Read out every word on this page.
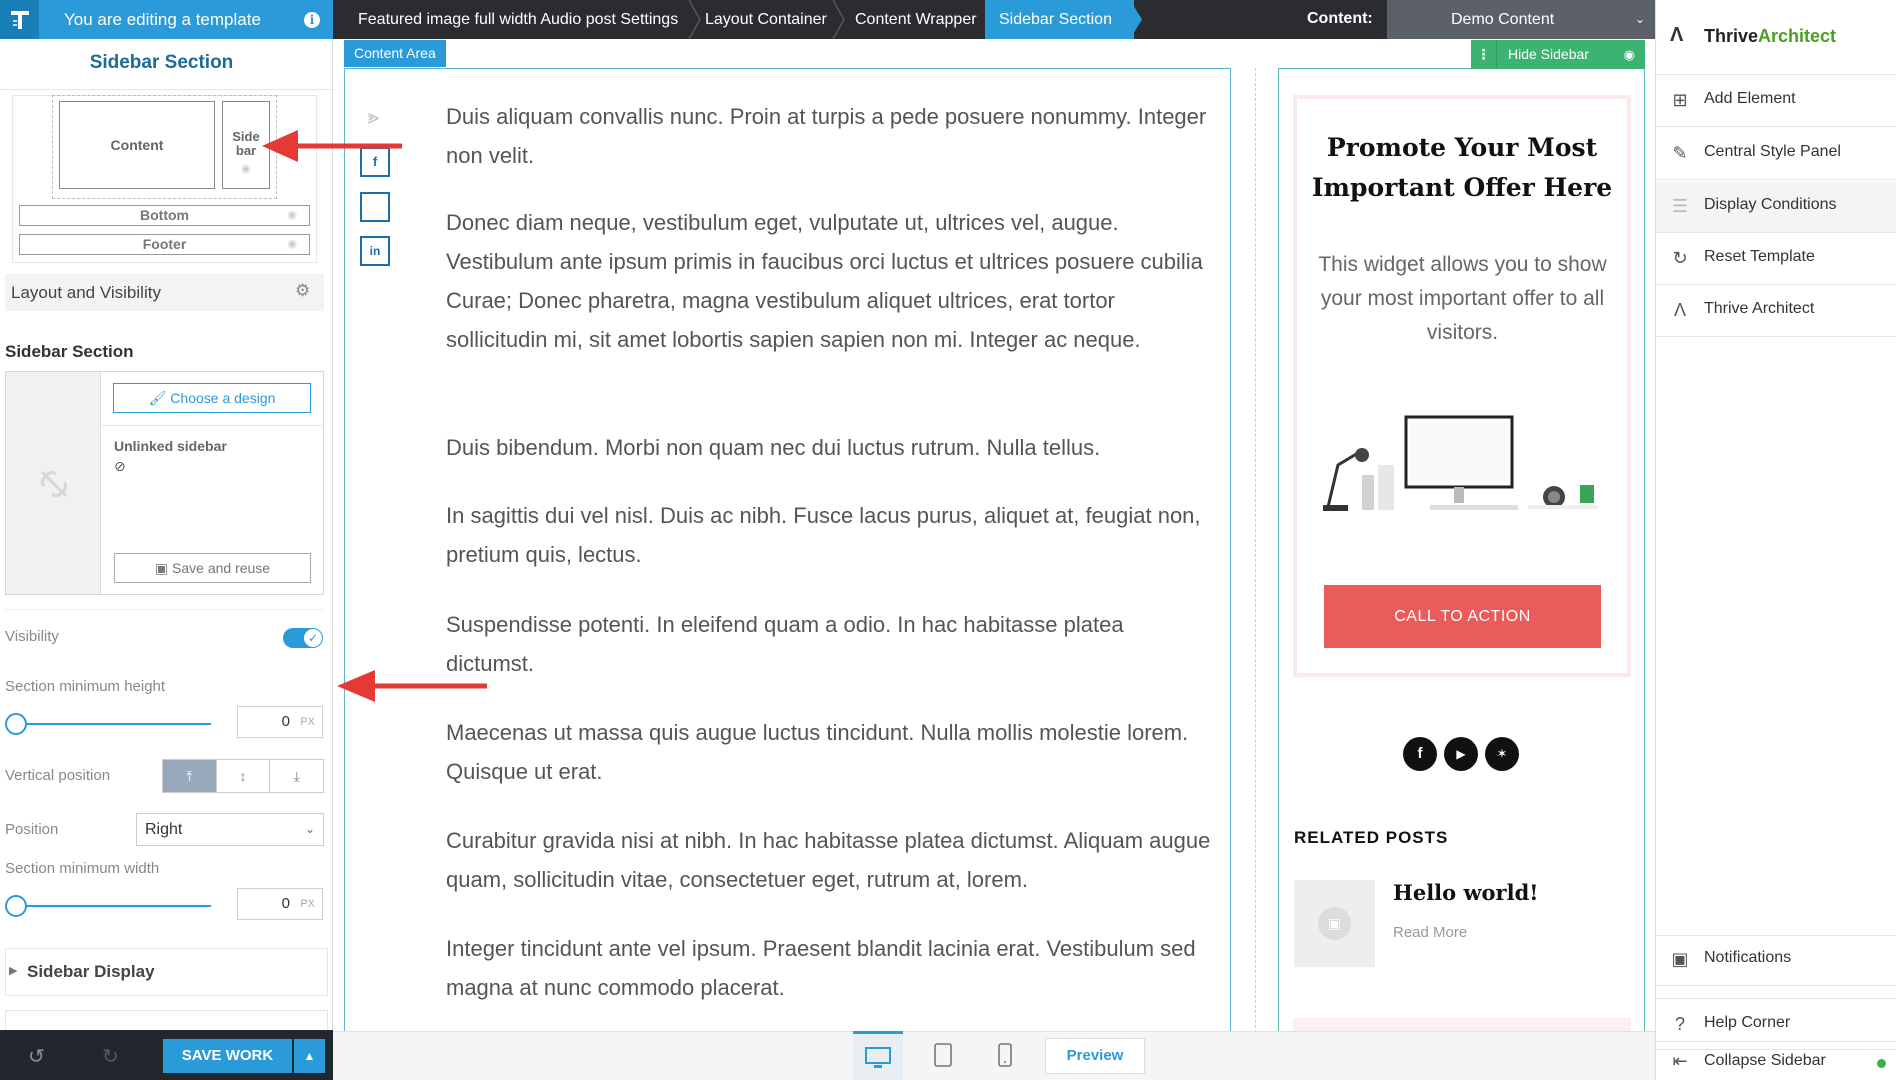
You are editing a template	i
Sidebar Section
Content
Side
bar
◉
Bottom	◉
Footer	◉
Layout and Visibility	⚙
Sidebar Section
🖌 Choose a design
Unlinked sidebar
⊘
▣ Save and reuse
Visibility	✓
Section minimum height
0 PX
Vertical position	⤒	↕	⤓
Position	Right	⌄
Section minimum width
0 PX
▶ Sidebar Display
↺	↻	SAVE WORK	▲
Featured image full width Audio post Settings	Layout Container	Content Wrapper	Sidebar Section	Content:	Demo Content	⌄
Content Area	⋮	Hide Sidebar	◉
⪢
f
in
Duis aliquam convallis nunc. Proin at turpis a pede posuere nonummy. Integer non velit.
Donec diam neque, vestibulum eget, vulputate ut, ultrices vel, augue. Vestibulum ante ipsum primis in faucibus orci luctus et ultrices posuere cubilia Curae; Donec pharetra, magna vestibulum aliquet ultrices, erat tortor sollicitudin mi, sit amet lobortis sapien sapien non mi. Integer ac neque.
Duis bibendum. Morbi non quam nec dui luctus rutrum. Nulla tellus.
In sagittis dui vel nisl. Duis ac nibh. Fusce lacus purus, aliquet at, feugiat non, pretium quis, lectus.
Suspendisse potenti. In eleifend quam a odio. In hac habitasse platea dictumst.
Maecenas ut massa quis augue luctus tincidunt. Nulla mollis molestie lorem. Quisque ut erat.
Curabitur gravida nisi at nibh. In hac habitasse platea dictumst. Aliquam augue quam, sollicitudin vitae, consectetuer eget, rutrum at, lorem.
Integer tincidunt ante vel ipsum. Praesent blandit lacinia erat. Vestibulum sed magna at nunc commodo placerat.
Promote Your Most Important Offer Here
This widget allows you to show your most important offer to all visitors.
CALL TO ACTION
f	▶	✶
RELATED POSTS
▣
Hello world!
Read More
Preview
Λ ThriveArchitect
⊞ Add Element
✎ Central Style Panel
☰ Display Conditions
↻ Reset Template
Λ	Thrive Architect
▣ Notifications
?	Help Corner
⇤ Collapse Sidebar
